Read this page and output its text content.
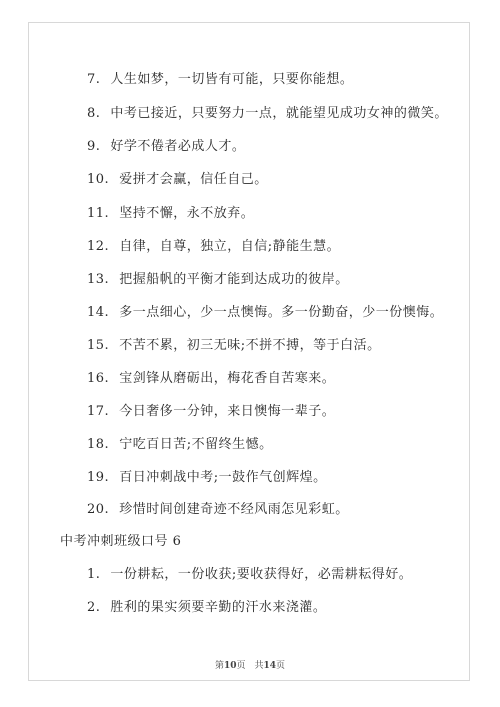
7. 人生如梦，一切皆有可能，只要你能想。
8. 中考已接近，只要努力一点，就能望见成功女神的微笑。
9. 好学不倦者必成人才。
10. 爱拼才会赢，信任自己。
11. 坚持不懈，永不放弃。
12. 自律，自尊，独立，自信;静能生慧。
13. 把握船帆的平衡才能到达成功的彼岸。
14. 多一点细心，少一点懊悔。多一份勤奋，少一份懊悔。
15. 不苦不累，初三无味;不拼不搏，等于白活。
16. 宝剑锋从磨砺出，梅花香自苦寒来。
17. 今日奢侈一分钟，来日懊悔一辈子。
18. 宁吃百日苦;不留终生憾。
19. 百日冲刺战中考;一鼓作气创辉煌。
20. 珍惜时间创建奇迹不经风雨怎见彩虹。
中考冲刺班级口号 6
1. 一份耕耘，一份收获;要收获得好，必需耕耘得好。
2. 胜利的果实须要辛勤的汗水来浇灌。
第10页　共14页
